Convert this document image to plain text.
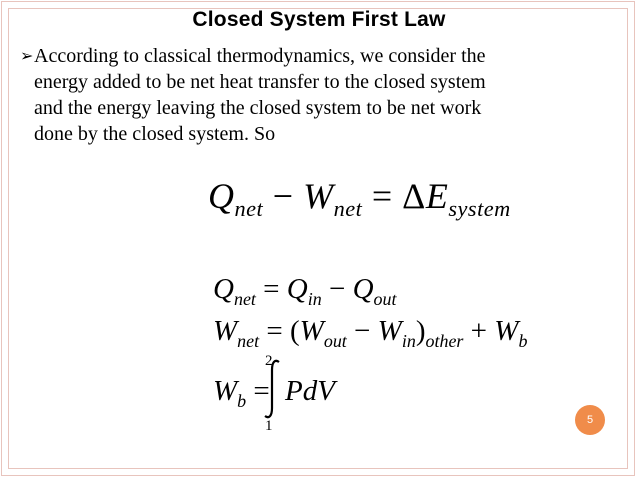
Closed System First Law
➢ According to classical thermodynamics, we consider the
energy added to be net heat transfer to the closed system
and the energy leaving the closed system to be net work
done by the closed system. So
$Q_{net} - W_{net} = \Delta E_{system}$
$Q_{net} = Q_{in} - Q_{out}$
$W_{net} = (W_{out} - W_{in})_{other} + W_b$
$W_b$ =
2
1
PdV
5
